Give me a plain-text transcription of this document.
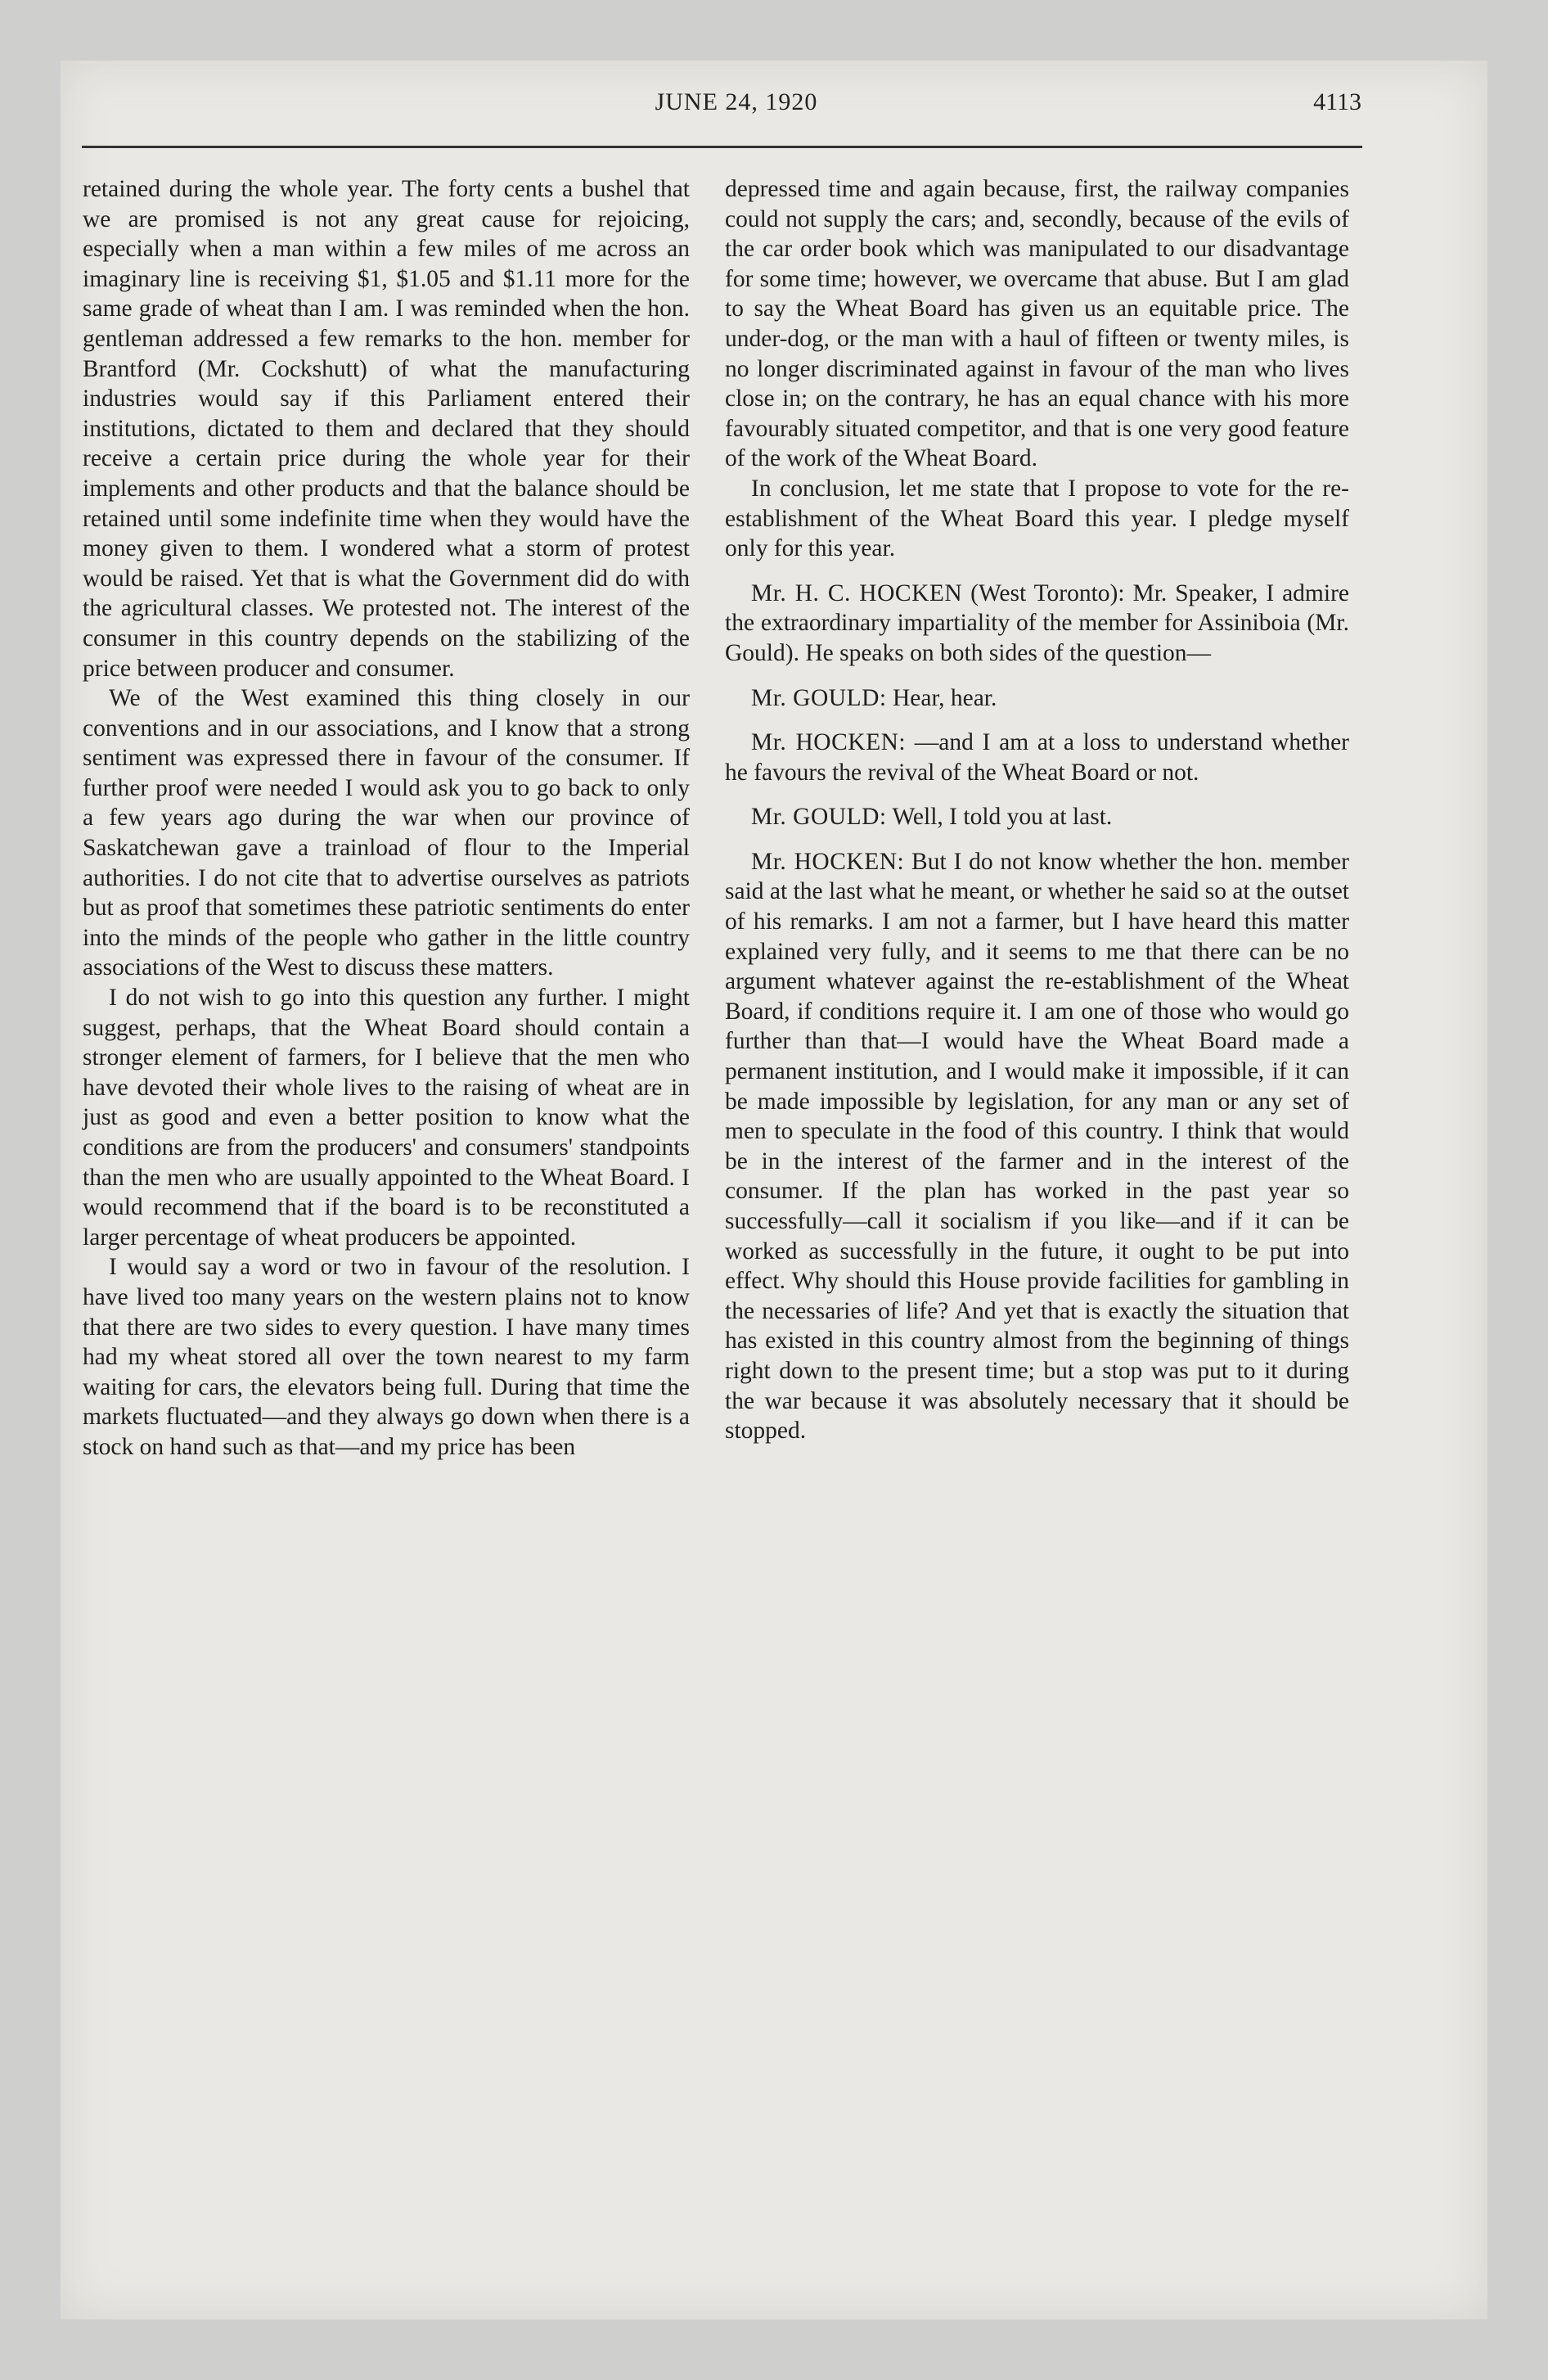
JUNE 24, 1920	4113

retained during the whole year. The forty cents a bushel that we are promised is not any great cause for rejoicing, especially when a man within a few miles of me across an imaginary line is receiving $1, $1.05 and $1.11 more for the same grade of wheat than I am. I was reminded when the hon. gentleman addressed a few remarks to the hon. member for Brantford (Mr. Cockshutt) of what the manufacturing industries would say if this Parliament entered their institutions, dictated to them and declared that they should receive a certain price during the whole year for their implements and other products and that the balance should be retained until some indefinite time when they would have the money given to them. I wondered what a storm of protest would be raised. Yet that is what the Government did do with the agricultural classes. We protested not. The interest of the consumer in this country depends on the stabilizing of the price between producer and consumer.

We of the West examined this thing closely in our conventions and in our associations, and I know that a strong sentiment was expressed there in favour of the consumer. If further proof were needed I would ask you to go back to only a few years ago during the war when our province of Saskatchewan gave a trainload of flour to the Imperial authorities. I do not cite that to advertise ourselves as patriots but as proof that sometimes these patriotic sentiments do enter into the minds of the people who gather in the little country associations of the West to discuss these matters.

I do not wish to go into this question any further. I might suggest, perhaps, that the Wheat Board should contain a stronger element of farmers, for I believe that the men who have devoted their whole lives to the raising of wheat are in just as good and even a better position to know what the conditions are from the producers' and consumers' standpoints than the men who are usually appointed to the Wheat Board. I would recommend that if the board is to be reconstituted a larger percentage of wheat producers be appointed.

I would say a word or two in favour of the resolution. I have lived too many years on the western plains not to know that there are two sides to every question. I have many times had my wheat stored all over the town nearest to my farm waiting for cars, the elevators being full. During that time the markets fluctuated—and they always go down when there is a stock on hand such as that—and my price has been

depressed time and again because, first, the railway companies could not supply the cars; and, secondly, because of the evils of the car order book which was manipulated to our disadvantage for some time; however, we overcame that abuse. But I am glad to say the Wheat Board has given us an equitable price. The under-dog, or the man with a haul of fifteen or twenty miles, is no longer discriminated against in favour of the man who lives close in; on the contrary, he has an equal chance with his more favourably situated competitor, and that is one very good feature of the work of the Wheat Board.

In conclusion, let me state that I propose to vote for the re-establishment of the Wheat Board this year. I pledge myself only for this year.

Mr. H. C. HOCKEN (West Toronto): Mr. Speaker, I admire the extraordinary impartiality of the member for Assiniboia (Mr. Gould). He speaks on both sides of the question—

Mr. GOULD: Hear, hear.

Mr. HOCKEN: —and I am at a loss to understand whether he favours the revival of the Wheat Board or not.

Mr. GOULD: Well, I told you at last.

Mr. HOCKEN: But I do not know whether the hon. member said at the last what he meant, or whether he said so at the outset of his remarks. I am not a farmer, but I have heard this matter explained very fully, and it seems to me that there can be no argument whatever against the re-establishment of the Wheat Board, if conditions require it. I am one of those who would go further than that—I would have the Wheat Board made a permanent institution, and I would make it impossible, if it can be made impossible by legislation, for any man or any set of men to speculate in the food of this country. I think that would be in the interest of the farmer and in the interest of the consumer. If the plan has worked in the past year so successfully—call it socialism if you like—and if it can be worked as successfully in the future, it ought to be put into effect. Why should this House provide facilities for gambling in the necessaries of life? And yet that is exactly the situation that has existed in this country almost from the beginning of things right down to the present time; but a stop was put to it during the war because it was absolutely necessary that it should be stopped.
